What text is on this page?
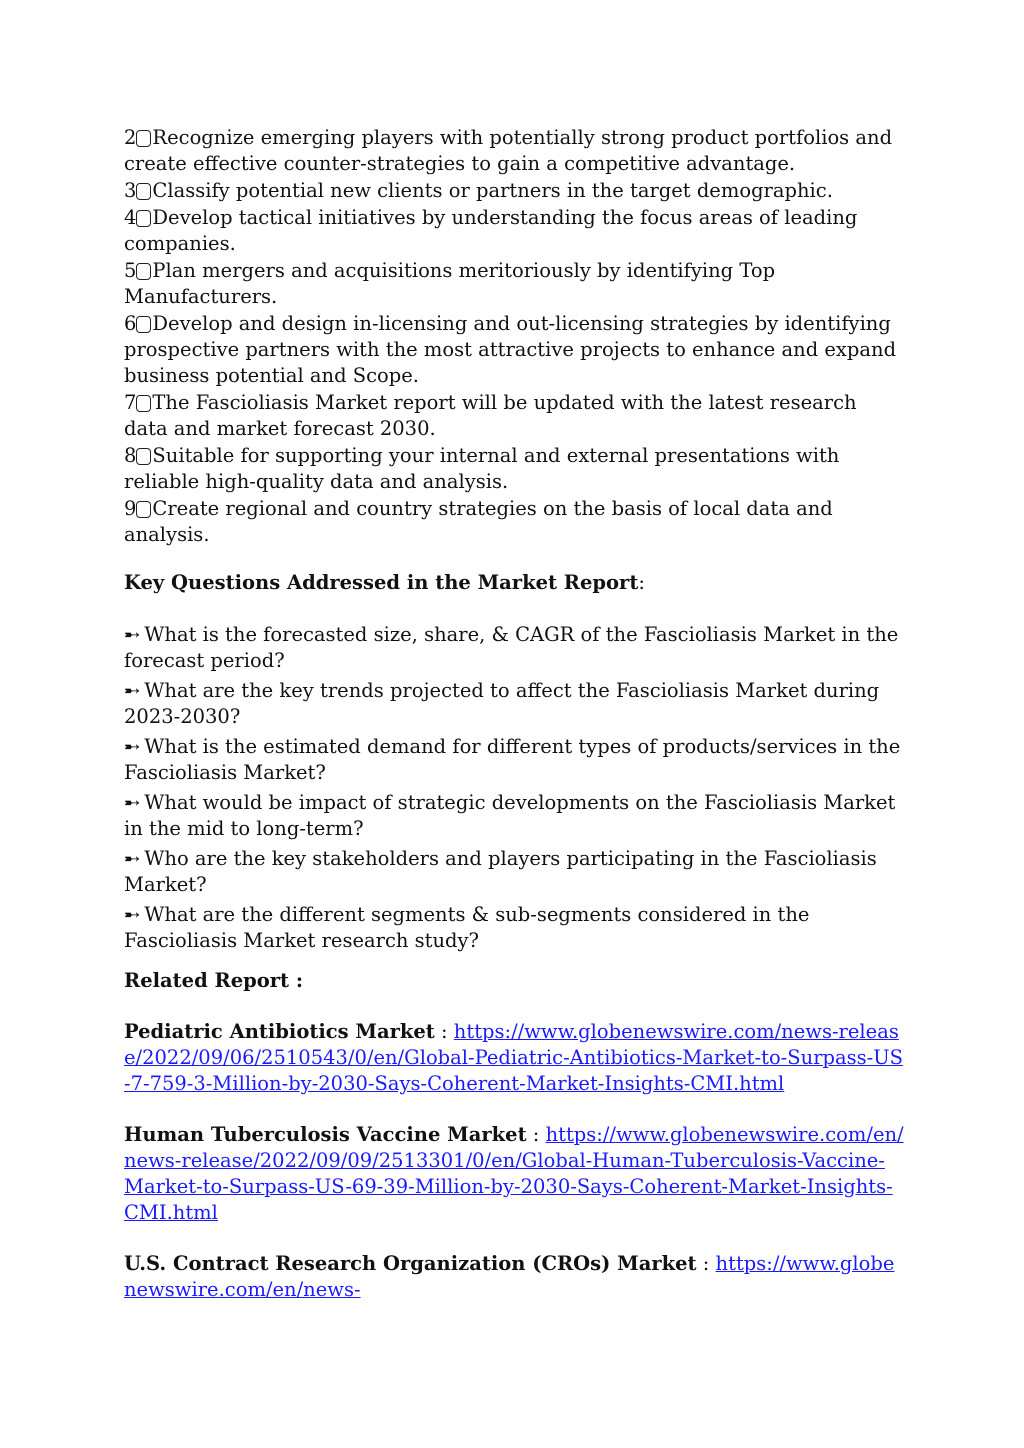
2 Recognize emerging players with potentially strong product portfolios and create effective counter-strategies to gain a competitive advantage.
3 Classify potential new clients or partners in the target demographic.
4 Develop tactical initiatives by understanding the focus areas of leading companies.
5 Plan mergers and acquisitions meritoriously by identifying Top Manufacturers.
6 Develop and design in-licensing and out-licensing strategies by identifying prospective partners with the most attractive projects to enhance and expand business potential and Scope.
7 The Fascioliasis Market report will be updated with the latest research data and market forecast 2030.
8 Suitable for supporting your internal and external presentations with reliable high-quality data and analysis.
9 Create regional and country strategies on the basis of local data and analysis.
Key Questions Addressed in the Market Report:
➸ What is the forecasted size, share, & CAGR of the Fascioliasis Market in the forecast period?
➸ What are the key trends projected to affect the Fascioliasis Market during 2023-2030?
➸ What is the estimated demand for different types of products/services in the Fascioliasis Market?
➸ What would be impact of strategic developments on the Fascioliasis Market in the mid to long-term?
➸ Who are the key stakeholders and players participating in the Fascioliasis Market?
➸ What are the different segments & sub-segments considered in the Fascioliasis Market research study?
Related Report :
Pediatric Antibiotics Market : https://www.globenewswire.com/news-release/2022/09/06/2510543/0/en/Global-Pediatric-Antibiotics-Market-to-Surpass-US-7-759-3-Million-by-2030-Says-Coherent-Market-Insights-CMI.html
Human Tuberculosis Vaccine Market : https://www.globenewswire.com/en/news-release/2022/09/09/2513301/0/en/Global-Human-Tuberculosis-Vaccine-Market-to-Surpass-US-69-39-Million-by-2030-Says-Coherent-Market-Insights-CMI.html
U.S. Contract Research Organization (CROs) Market : https://www.globenewswire.com/en/news-
